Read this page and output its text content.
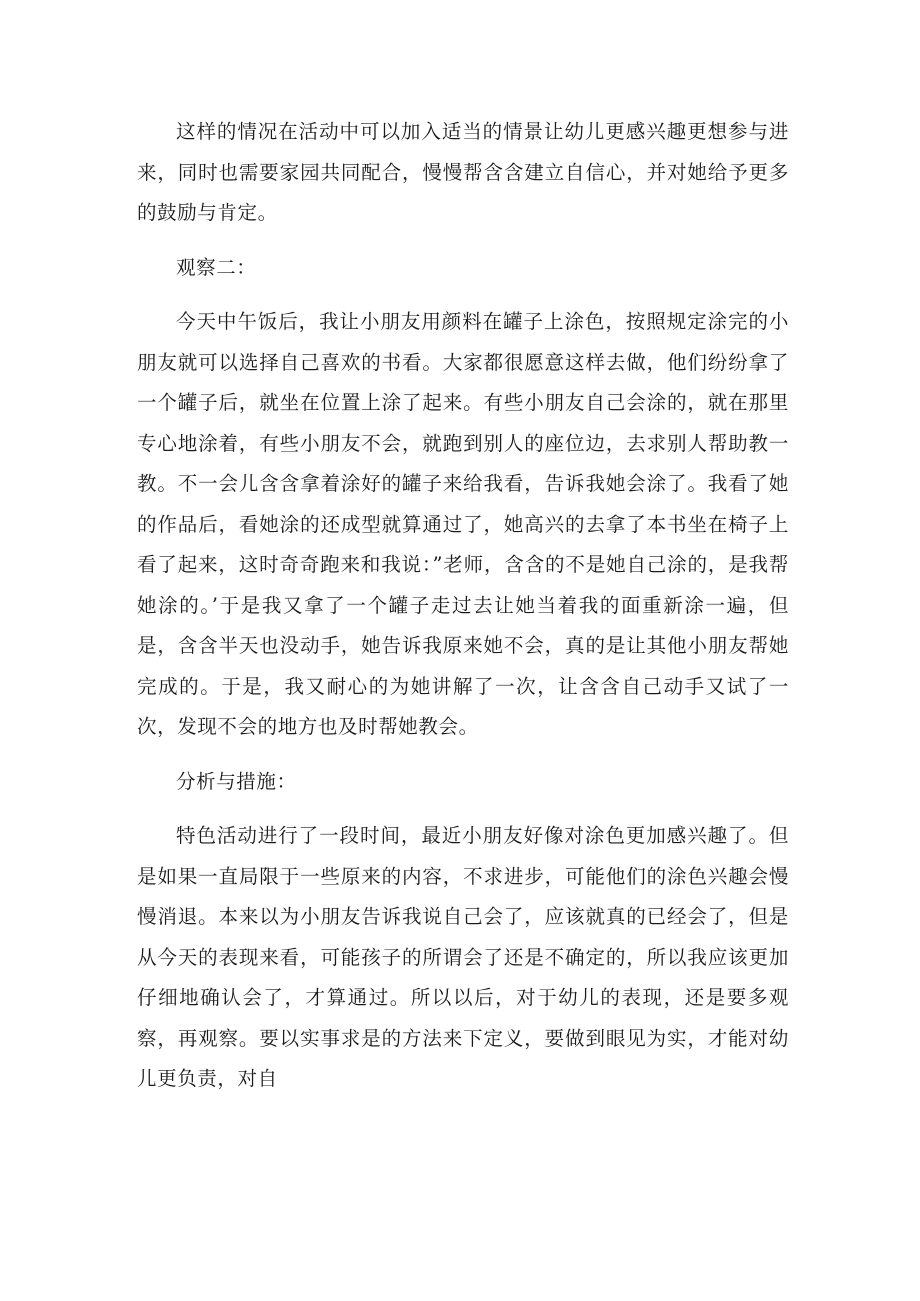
这样的情况在活动中可以加入适当的情景让幼儿更感兴趣更想参与进来，同时也需要家园共同配合，慢慢帮含含建立自信心，并对她给予更多的鼓励与肯定。

观察二：

今天中午饭后，我让小朋友用颜料在罐子上涂色，按照规定涂完的小朋友就可以选择自己喜欢的书看。大家都很愿意这样去做，他们纷纷拿了一个罐子后，就坐在位置上涂了起来。有些小朋友自己会涂的，就在那里专心地涂着，有些小朋友不会，就跑到别人的座位边，去求别人帮助教一教。不一会儿含含拿着涂好的罐子来给我看，告诉我她会涂了。我看了她的作品后，看她涂的还成型就算通过了，她高兴的去拿了本书坐在椅子上看了起来，这时奇奇跑来和我说：”老师，含含的不是她自己涂的，是我帮她涂的。’于是我又拿了一个罐子走过去让她当着我的面重新涂一遍，但是，含含半天也没动手，她告诉我原来她不会，真的是让其他小朋友帮她完成的。于是，我又耐心的为她讲解了一次，让含含自己动手又试了一次，发现不会的地方也及时帮她教会。

分析与措施：

特色活动进行了一段时间，最近小朋友好像对涂色更加感兴趣了。但是如果一直局限于一些原来的内容，不求进步，可能他们的涂色兴趣会慢慢消退。本来以为小朋友告诉我说自己会了，应该就真的已经会了，但是从今天的表现来看，可能孩子的所谓会了还是不确定的，所以我应该更加仔细地确认会了，才算通过。所以以后，对于幼儿的表现，还是要多观察，再观察。要以实事求是的方法来下定义，要做到眼见为实，才能对幼儿更负责，对自
